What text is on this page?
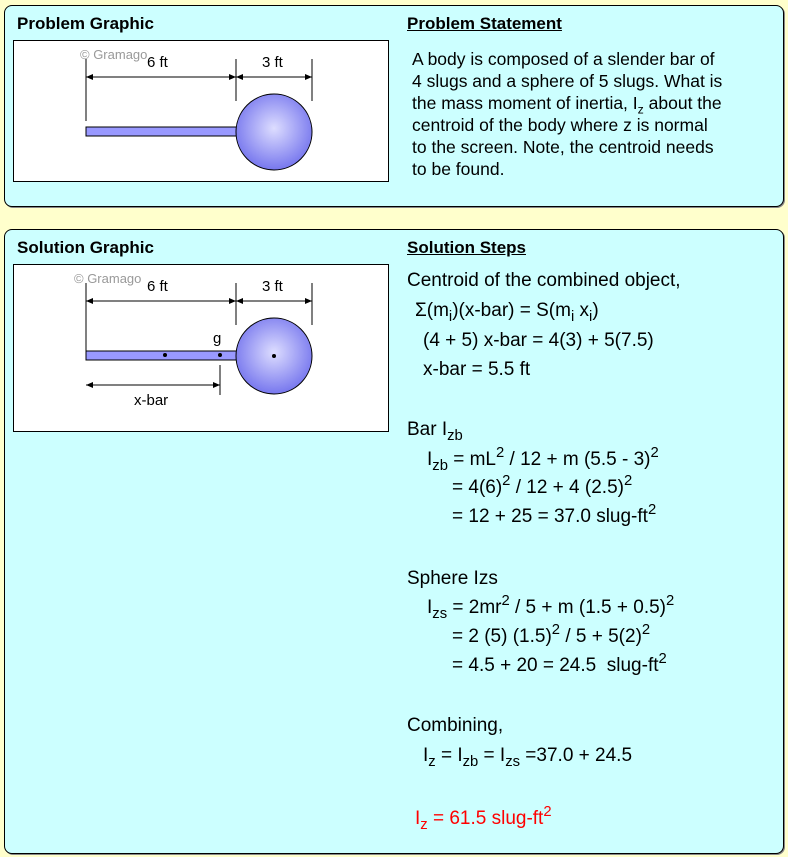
Problem Graphic	Problem Statement
© Gramago 6 ft	3 ft	A body is composed of a slender bar of
4 slugs and a sphere of 5 slugs. What is
the mass moment of inertia, $I_z$ about the
centroid of the body where z is normal
to the screen. Note, the centroid needs
to be found.
Solution Graphic	Solution Steps
© Gramago 6 ft	3 ft
g
x-bar
Centroid of the combined object,
$\Sigma(m_i)(x-bar) = S(m_i$ $x_i$)
(4 + 5) x-bar = 4(3) + 5(7.5)
x-bar = 5.5 ft
Bar $I_{zb}$
$I_{zb} = mL^2 / 12 + m$ (5.5 - 3)$^2$
= $4(6)^2 / 12 + 4$ $(2.5)^2$
= 12 + 25 = 37.0 slug-$ft^2$
Sphere Izs
$I_{zs} = 2mr^2 / 5 + m$ $(1.5 + 0.5)^2$
= 2 (5) $(1.5)^2 / 5 + 5(2)^2$
= 4.5 + 20 = 24.5  slug-$ft^2$
Combining,
$I_z = I_{zb} = I_{zs} =37.0 + 24.5$
$I_z = 61.5$ slug-$ft^2$
